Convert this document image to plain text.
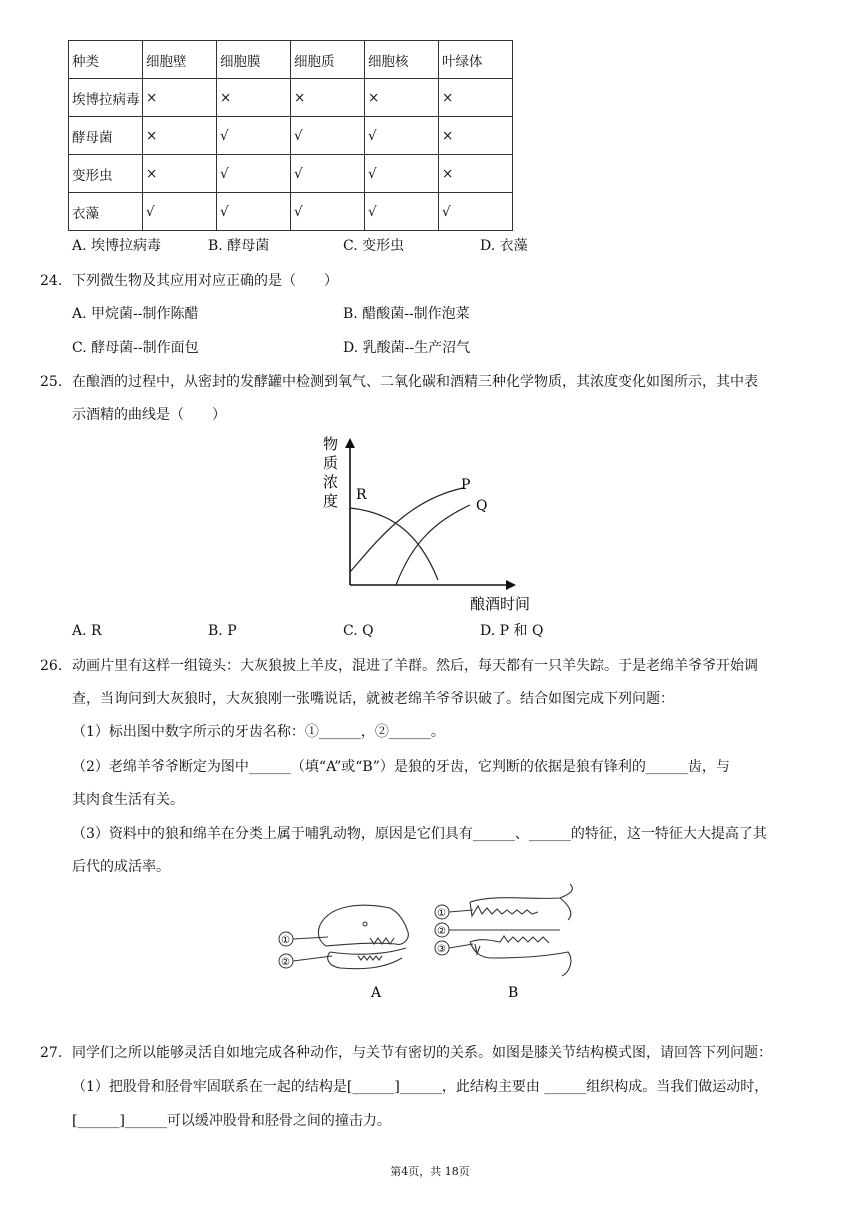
种类	细胞壁	细胞膜	细胞质	细胞核	叶绿体
埃博拉病毒	×	×	×	×	×
酵母菌	×	√	√	√	×
变形虫	×	√	√	√	×
衣藻	√	√	√	√	√
A. 埃博拉病毒	B. 酵母菌	C. 变形虫	D. 衣藻
24. 下列微生物及其应用对应正确的是（　　）
A. 甲烷菌--制作陈醋	B. 醋酸菌--制作泡菜
C. 酵母菌--制作面包	D. 乳酸菌--生产沼气
25. 在酿酒的过程中，从密封的发酵罐中检测到氧气、二氧化碳和酒精三种化学物质，其浓度变化如图所示，其中表
示酒精的曲线是（　　）
物
质
浓
度 R
P
Q
酿酒时间
A. R	B. P	C. Q	D. P 和 Q
26. 动画片里有这样一组镜头：大灰狼披上羊皮，混进了羊群。然后，每天都有一只羊失踪。于是老绵羊爷爷开始调
查，当询问到大灰狼时，大灰狼刚一张嘴说话，就被老绵羊爷爷识破了。结合如图完成下列问题：
（1）标出图中数字所示的牙齿名称：①______，②______。
（2）老绵羊爷爷断定为图中______（填“A”或“B”）是狼的牙齿，它判断的依据是狼有锋利的______齿，与
其肉食生活有关。
（3）资料中的狼和绵羊在分类上属于哺乳动物，原因是它们具有______、______的特征，这一特征大大提高了其
后代的成活率。
①
②
A
①
②
③
B
27. 同学们之所以能够灵活自如地完成各种动作，与关节有密切的关系。如图是膝关节结构模式图，请回答下列问题：
（1）把股骨和胫骨牢固联系在一起的结构是[______]______，此结构主要由 ______组织构成。当我们做运动时，
[______]______可以缓冲股骨和胫骨之间的撞击力。
第4页，共 18页
